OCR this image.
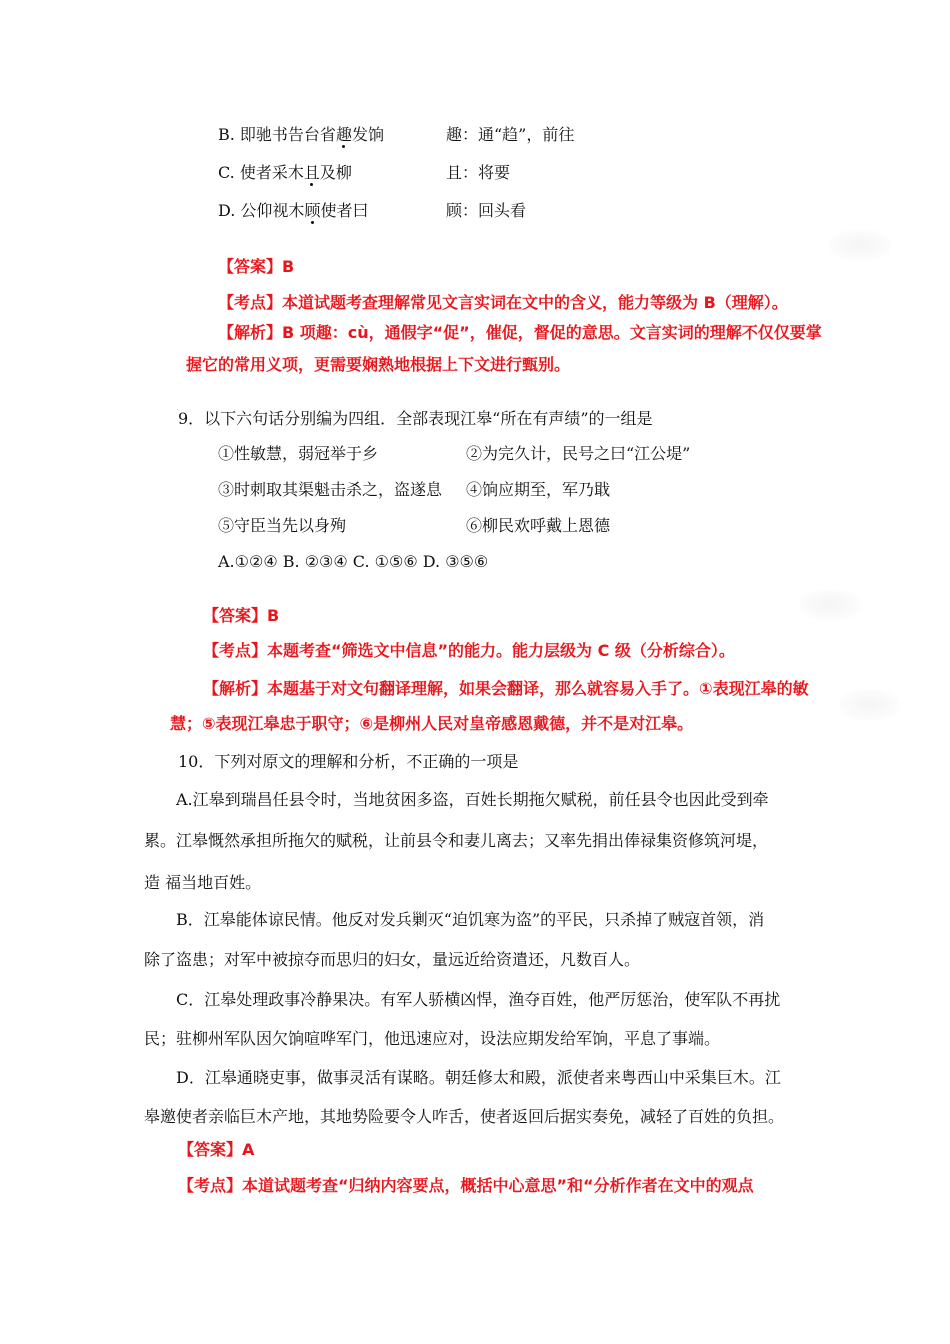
B. 即驰书告台省趣发饷	趣：通“趋”，前往
C. 使者采木且及柳	且：将要
D. 公仰视木顾使者曰	顾：回头看
【答案】B
【考点】本道试题考查理解常见文言实词在文中的含义，能力等级为 B（理解）。
【解析】B 项趣：cù，通假字“促”，催促，督促的意思。文言实词的理解不仅仅要掌
握它的常用义项，更需要娴熟地根据上下文进行甄别。
9．以下六句话分别编为四组．全部表现江皋“所在有声绩”的一组是
①性敏慧，弱冠举于乡	②为完久计，民号之曰“江公堤”
③时刺取其渠魁击杀之，盗遂息 ④饷应期至，军乃戢
⑤守臣当先以身殉	⑥柳民欢呼戴上恩德
A.①②④ B. ②③④ C. ①⑤⑥ D. ③⑤⑥
【答案】B
【考点】本题考查“筛选文中信息”的能力。能力层级为 C 级（分析综合）。
【解析】本题基于对文句翻译理解，如果会翻译，那么就容易入手了。①表现江皋的敏
慧；⑤表现江皋忠于职守；⑥是柳州人民对皇帝感恩戴德，并不是对江皋。
10．下列对原文的理解和分析，不正确的一项是
A.江皋到瑞昌任县令时，当地贫困多盗，百姓长期拖欠赋税，前任县令也因此受到牵
累。江皋慨然承担所拖欠的赋税，让前县令和妻儿离去；又率先捐出俸禄集资修筑河堤，
造 福当地百姓。
B．江皋能体谅民情。他反对发兵剿灭“迫饥寒为盗”的平民，只杀掉了贼寇首领，消
除了盗患；对军中被掠夺而思归的妇女，量远近给资遣还，凡数百人。
C．江皋处理政事冷静果决。有军人骄横凶悍，渔夺百姓，他严厉惩治，使军队不再扰
民；驻柳州军队因欠饷喧哗军门，他迅速应对，设法应期发给军饷，平息了事端。
D．江皋通晓吏事，做事灵活有谋略。朝廷修太和殿，派使者来粤西山中采集巨木。江
皋邀使者亲临巨木产地，其地势险要令人咋舌，使者返回后据实奏免，减轻了百姓的负担。
【答案】A
【考点】本道试题考查“归纳内容要点，概括中心意思”和“分析作者在文中的观点
